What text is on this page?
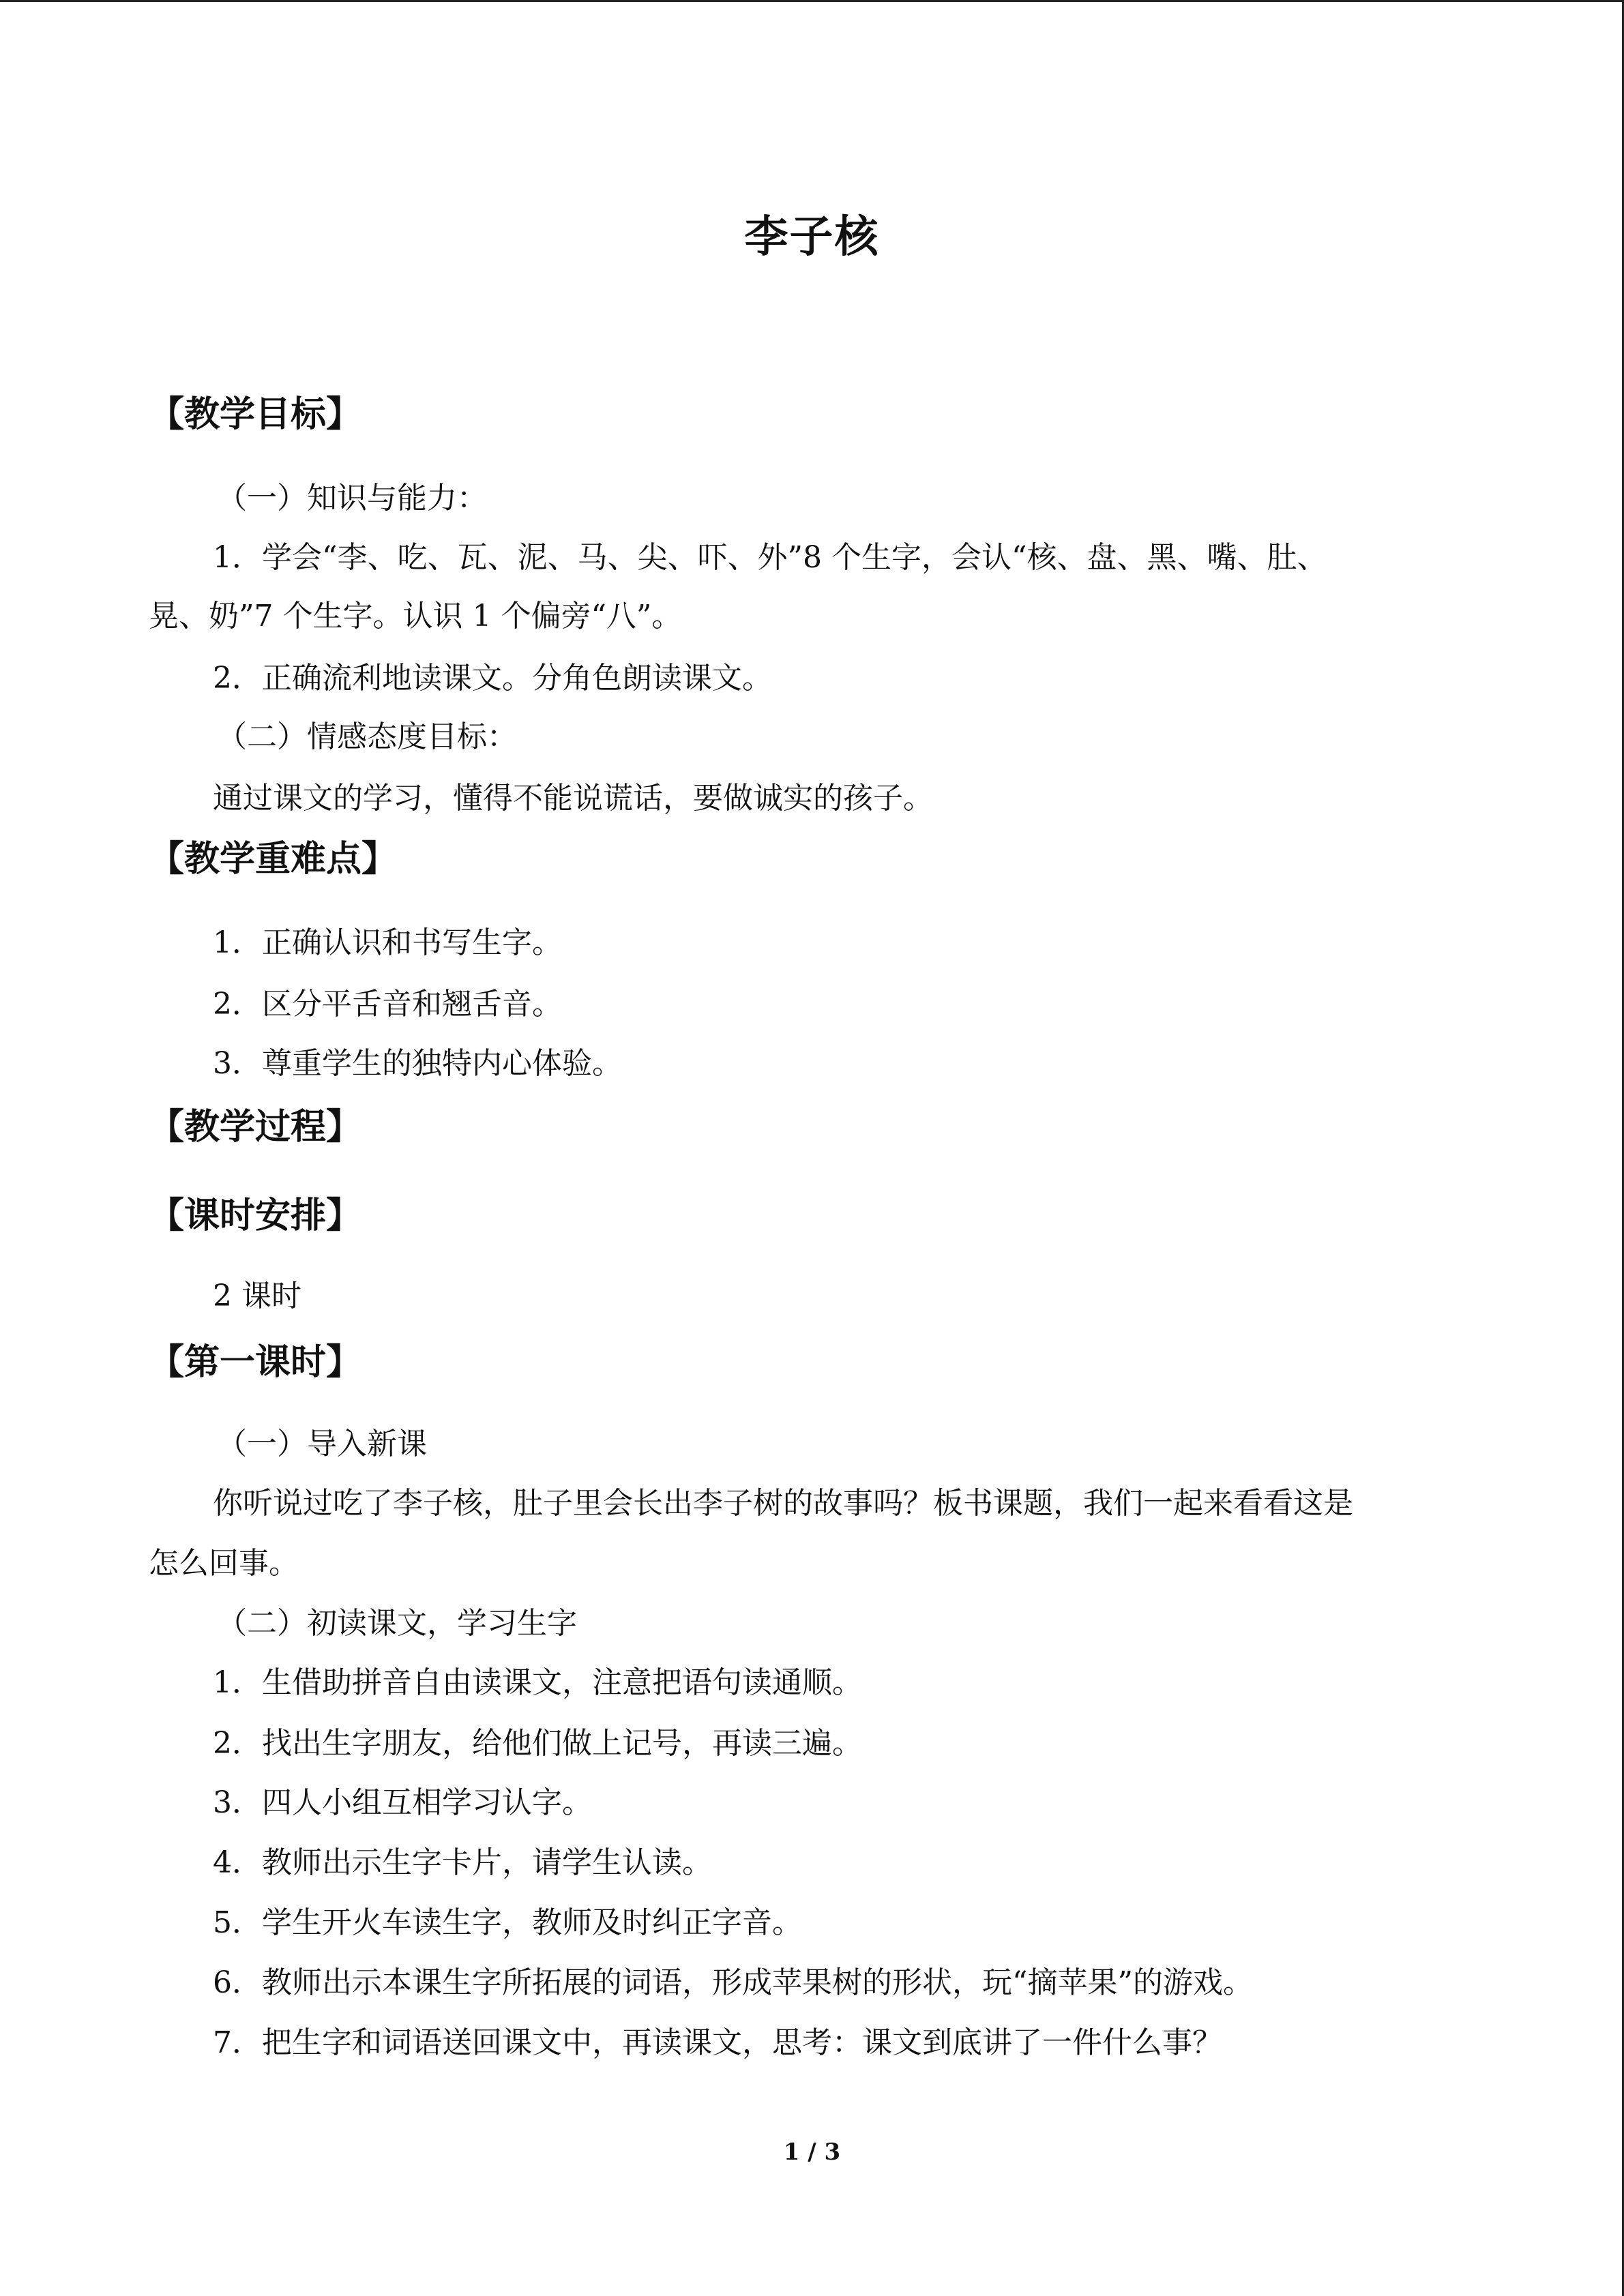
李子核
【教学目标】
（一）知识与能力：
1．学会“李、吃、瓦、泥、马、尖、吓、外”8 个生字，会认“核、盘、黑、嘴、肚、
晃、奶”7 个生字。认识 1 个偏旁“八”。
2．正确流利地读课文。分角色朗读课文。
（二）情感态度目标：
通过课文的学习，懂得不能说谎话，要做诚实的孩子。
【教学重难点】
1．正确认识和书写生字。
2．区分平舌音和翘舌音。
3．尊重学生的独特内心体验。
【教学过程】
【课时安排】
2 课时
【第一课时】
（一）导入新课
你听说过吃了李子核，肚子里会长出李子树的故事吗？板书课题，我们一起来看看这是
怎么回事。
（二）初读课文，学习生字
1．生借助拼音自由读课文，注意把语句读通顺。
2．找出生字朋友，给他们做上记号，再读三遍。
3．四人小组互相学习认字。
4．教师出示生字卡片，请学生认读。
5．学生开火车读生字，教师及时纠正字音。
6．教师出示本课生字所拓展的词语，形成苹果树的形状，玩“摘苹果”的游戏。
7．把生字和词语送回课文中，再读课文，思考：课文到底讲了一件什么事？
1 / 3
